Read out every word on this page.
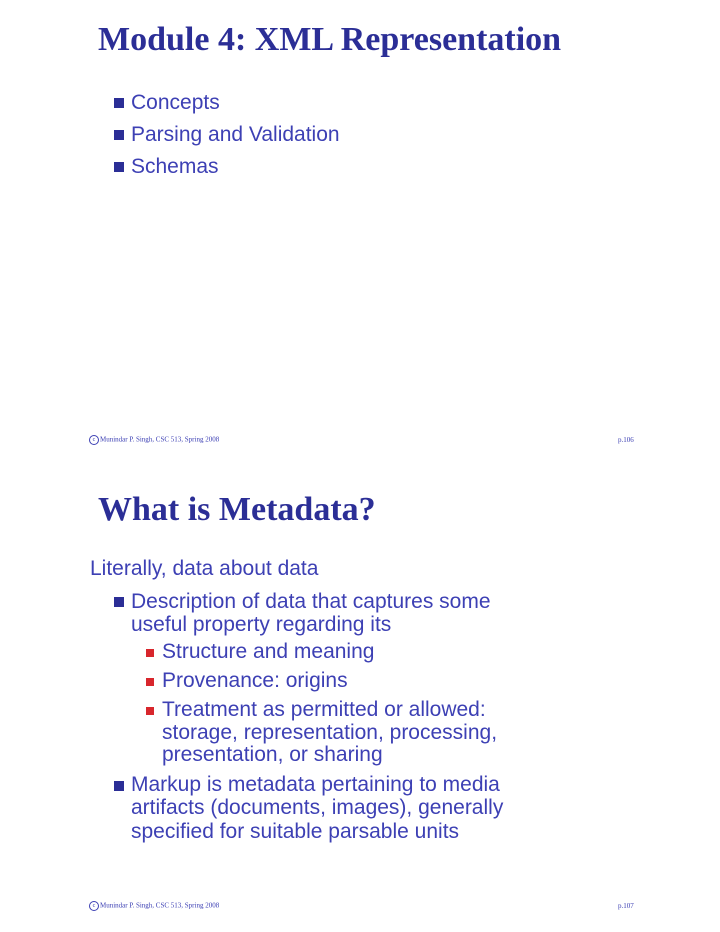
Module 4: XML Representation
Concepts
Parsing and Validation
Schemas
c Munindar P. Singh, CSC 513, Spring 2008	p.106
What is Metadata?
Literally, data about data
Description of data that captures some
useful property regarding its
Structure and meaning
Provenance: origins
Treatment as permitted or allowed:
storage, representation, processing,
presentation, or sharing
Markup is metadata pertaining to media
artifacts (documents, images), generally
specified for suitable parsable units
c Munindar P. Singh, CSC 513, Spring 2008	p.107
